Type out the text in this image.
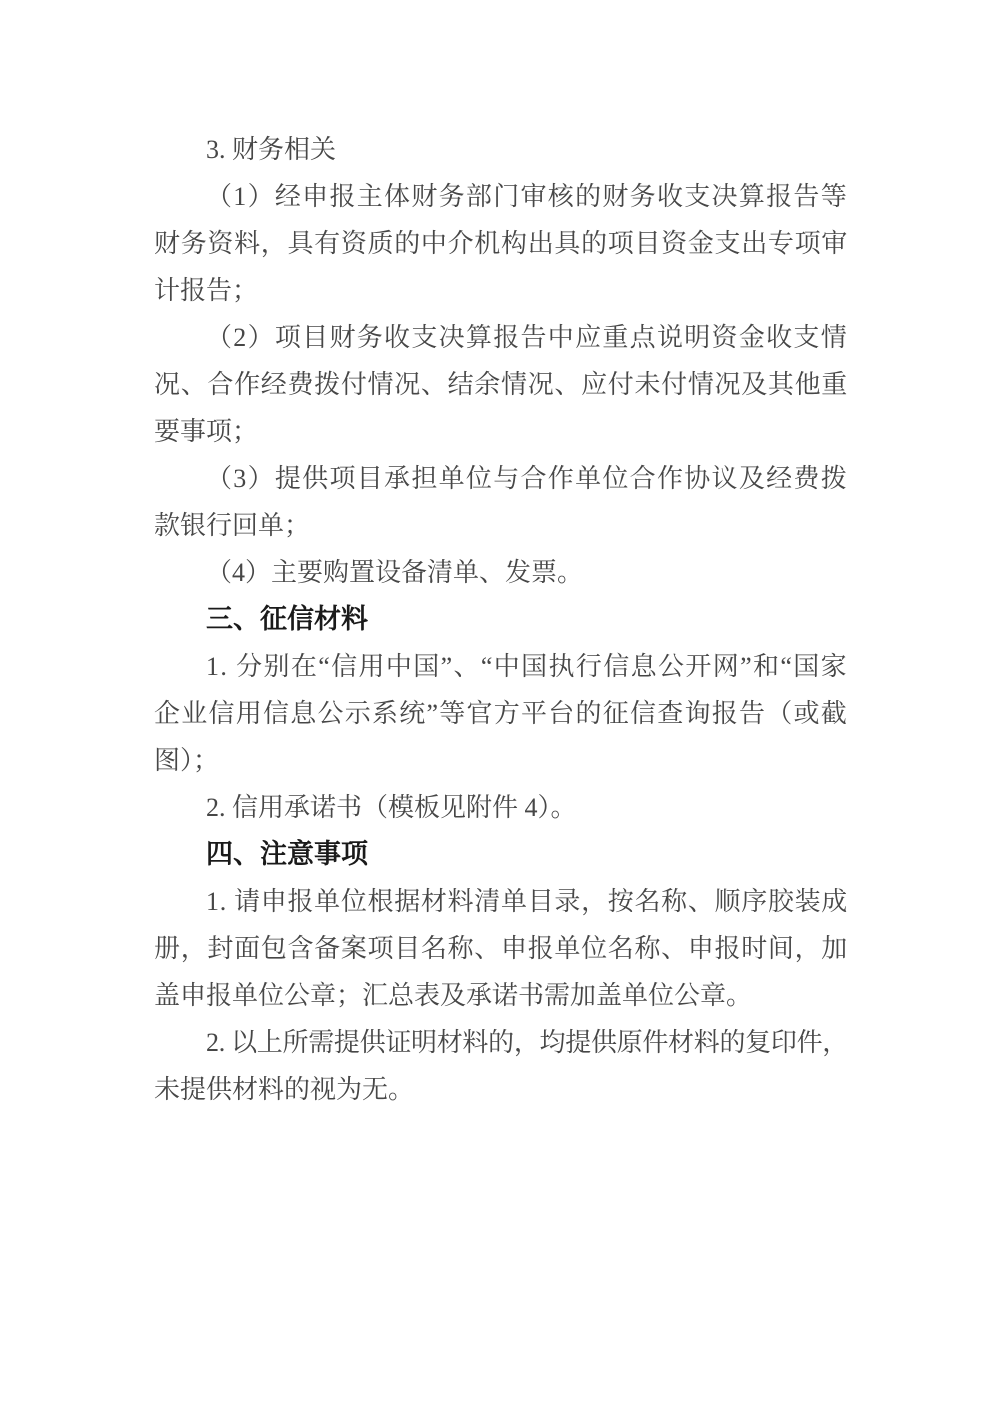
3. 财务相关
（1）经申报主体财务部门审核的财务收支决算报告等
财务资料，具有资质的中介机构出具的项目资金支出专项审
计报告；
（2）项目财务收支决算报告中应重点说明资金收支情
况、合作经费拨付情况、结余情况、应付未付情况及其他重
要事项；
（3）提供项目承担单位与合作单位合作协议及经费拨
款银行回单；
（4）主要购置设备清单、发票。
三、征信材料
1. 分别在“信用中国”、“中国执行信息公开网”和“国家
企业信用信息公示系统”等官方平台的征信查询报告（或截
图）；
2. 信用承诺书（模板见附件 4）。
四、注意事项
1. 请申报单位根据材料清单目录，按名称、顺序胶装成
册，封面包含备案项目名称、申报单位名称、申报时间，加
盖申报单位公章；汇总表及承诺书需加盖单位公章。
2. 以上所需提供证明材料的，均提供原件材料的复印件，
未提供材料的视为无。
